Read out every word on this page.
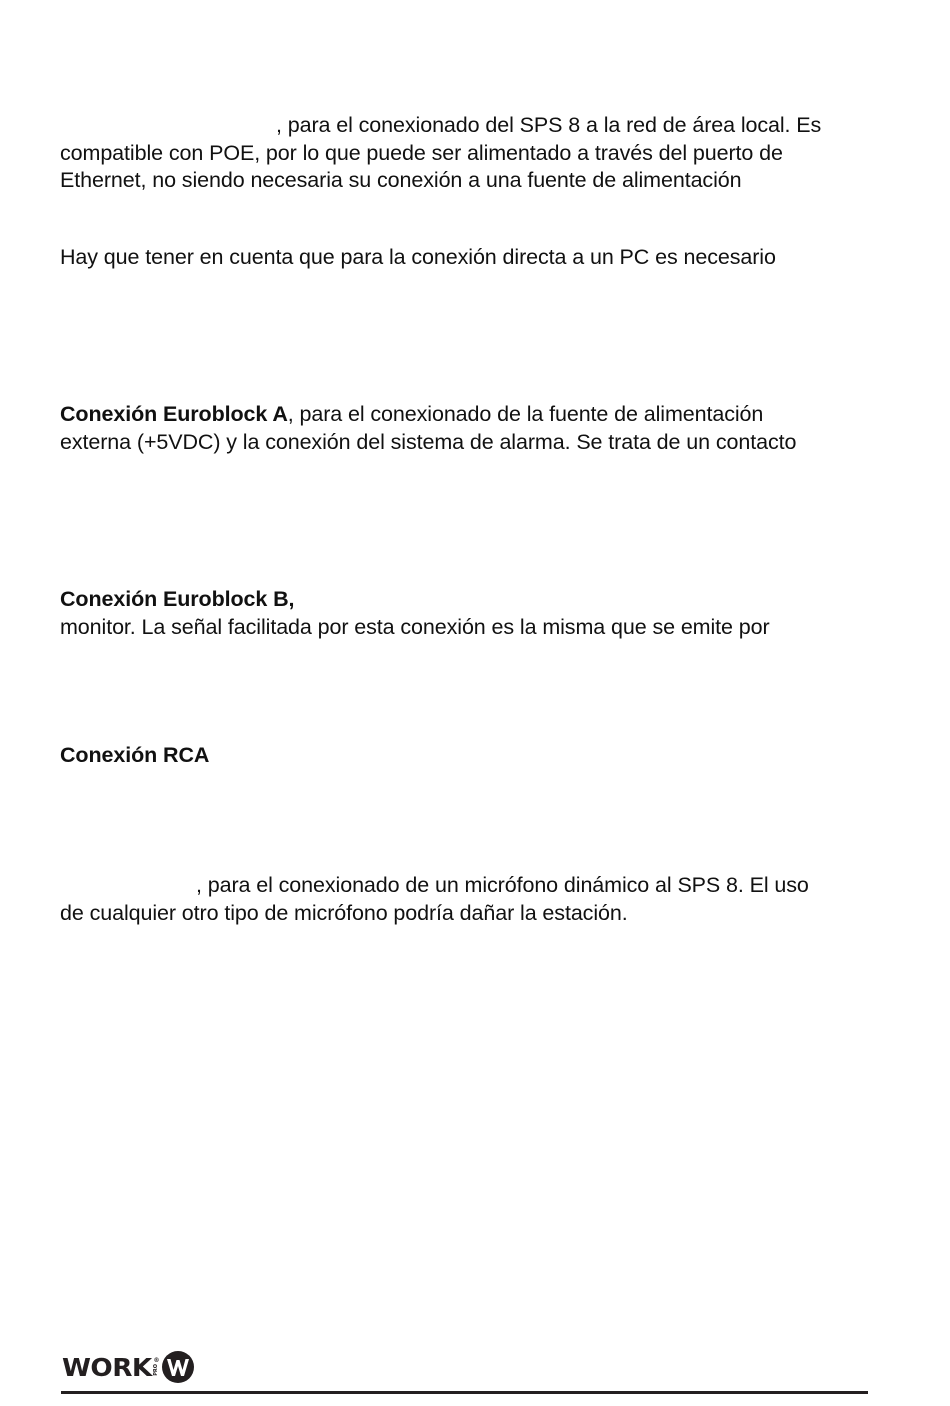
, para el conexionado del SPS 8 a la red de área local. Es
compatible con POE, por lo que puede ser alimentado a través del puerto de
Ethernet, no siendo necesaria su conexión a una fuente de alimentación
Hay que tener en cuenta que para la conexión directa a un PC es necesario
Conexión Euroblock A, para el conexionado de la fuente de alimentación
externa (+5VDC) y la conexión del sistema de alarma. Se trata de un contacto
Conexión Euroblock B,
monitor. La señal facilitada por esta conexión es la misma que se emite por
Conexión RCA
, para el conexionado de un micrófono dinámico al SPS 8. El uso
de cualquier otro tipo de micrófono podría dañar la estación.
WORK ®
PRO
